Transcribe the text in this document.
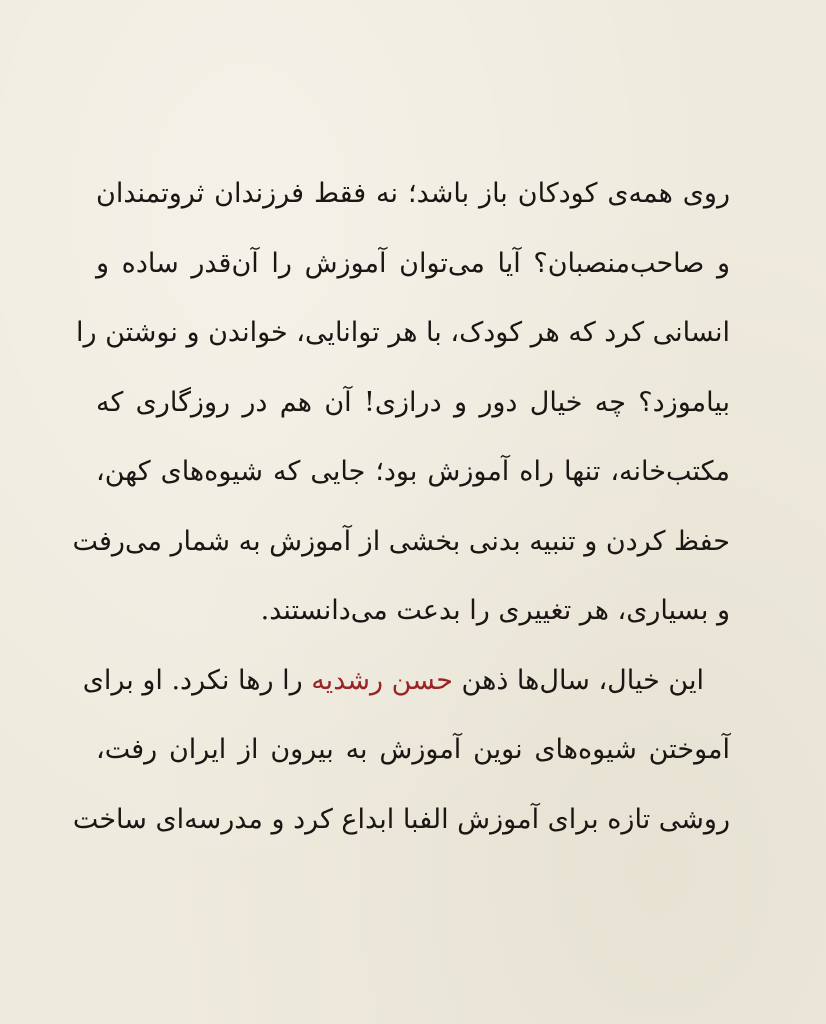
روی همه‌ی کودکان باز باشد؛ نه فقط فرزندان ثروتمندان
و صاحب‌منصبان؟ آیا می‌توان آموزش را آن‌قدر ساده و
انسانی کرد که هر کودک، با هر توانایی، خواندن و نوشتن را
بیاموزد؟ چه خیال دور و درازی! آن هم در روزگاری که
مکتب‌خانه، تنها راه آموزش بود؛ جایی که شیوه‌های کهن،
حفظ کردن و تنبیه بدنی بخشی از آموزش به شمار می‌رفت
و بسیاری، هر تغییری را بدعت می‌دانستند.
این خیال، سال‌ها ذهن حسن رشدیه را رها نکرد. او برای
آموختن شیوه‌های نوین آموزش به بیرون از ایران رفت،
روشی تازه برای آموزش الفبا ابداع کرد و مدرسه‌ای ساخت
